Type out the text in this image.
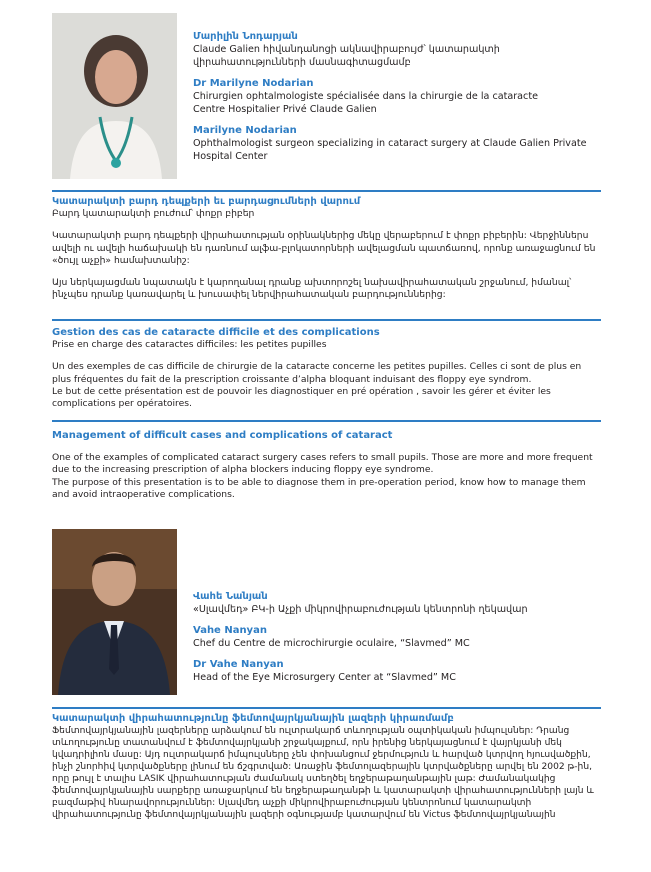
Մարիլին Նոդարյան

Claude Galien հիվանդանոցի ակնավիրաբույժ՝ կատարակտի վիրահատությունների մասնագիտացմամբ

Dr Marilyne Nodarian

Chirurgien ophtalmologiste spécialisée dans la chirurgie de la cataracte

Centre Hospitalier Privé Claude Galien

Marilyne Nodarian

Ophthalmologist surgeon specializing in cataract surgery at Claude Galien Private Hospital Center

Կատարակտի բարդ դեպքերի եւ բարդացումների վարում

Բարդ կատարակտի բուժում՝ փոքր բիբեր

Կատարակտի բարդ դեպքերի վիրահատության օրինակներից մեկը վերաբերում է փոքր բիբերին: Վերջիններս ավելի ու ավելի հաճախակի են դառնում ալֆա-բլոկատորների ավելացման պատճառով, որոնք առաջացնում են «ծույլ աչքի» համախտանիշ:

Այս ներկայացման նպատակն է կարողանալ դրանք ախտորոշել նախավիրահատական շրջանում, իմանալ՝ ինչպես դրանք կառավարել և խուսափել ներվիրահատական բարդություններից:

Gestion des cas de cataracte difficile et des complications

Prise en charge des cataractes difficiles: les petites pupilles

Un des exemples de cas difficile de chirurgie de la cataracte concerne les petites pupilles. Celles ci sont de plus en plus fréquentes du fait de la prescription croissante d’alpha bloquant induisant des floppy eye syndrom.

Le but de cette présentation est de pouvoir les diagnostiquer en pré opération , savoir les gérer et éviter les complications per opératoires.

Management of difficult cases and complications of cataract

One of the examples of complicated cataract surgery cases refers to small pupils. Those are more and more frequent due to the increasing prescription of alpha blockers inducing floppy eye syndrome.

The purpose of this presentation is to be able to diagnose them in pre-operation period, know how to manage them and avoid intraoperative complications.

Վահե Նանյան

«Սլավմեդ» ԲԿ-ի Աչքի միկրովիրաբուժության կենտրոնի ղեկավար

Vahe Nanyan

Chef du Centre de microchirurgie oculaire, “Slavmed” MC

Dr Vahe Nanyan

Head of the Eye Microsurgery Center at “Slavmed” MC

Կատարակտի վիրահատությունը ֆեմտովայրկյանային լազերի կիրառմամբ

Ֆեմտովայրկյանային լազերները արձակում են ուլտրակարճ տևողության օպտիկական իմպուլսներ: Դրանց տևողությունը տատանվում է ֆեմտովայրկյանի շրջակայքում, որն իրենից ներկայացնում է վայրկյանի մեկ կվադրիլիոն մասը: Այդ ուլտրակարճ իմպուլսները չեն փոխանցում ջերմություն և հարված կտրվող հյուսվածքին, ինչի շնորհիվ կտրվածքները լինում են ճշգրտված: Առաջին ֆեմտոլազերային կտրվածքները արվել են 2002 թ-ին, որը թույլ է տալիս LASIK վիրահատության ժամանակ ստեղծել եղջերաթաղանթային լաթ: Ժամանակակից ֆեմտովայրկյանային սարքերը առաջարկում են եղջերաթաղանթի և կատարակտի վիրահատությունների լայն և բազմաթիվ հնարավորություններ: Սլավմեդ աչքի միկրովիրաբուժության կենտրոնում կատարակտի վիրահատությունը ֆեմտովայրկյանային լազերի օգնությամբ կատարվում են Victus ֆեմտովայրկյանային
